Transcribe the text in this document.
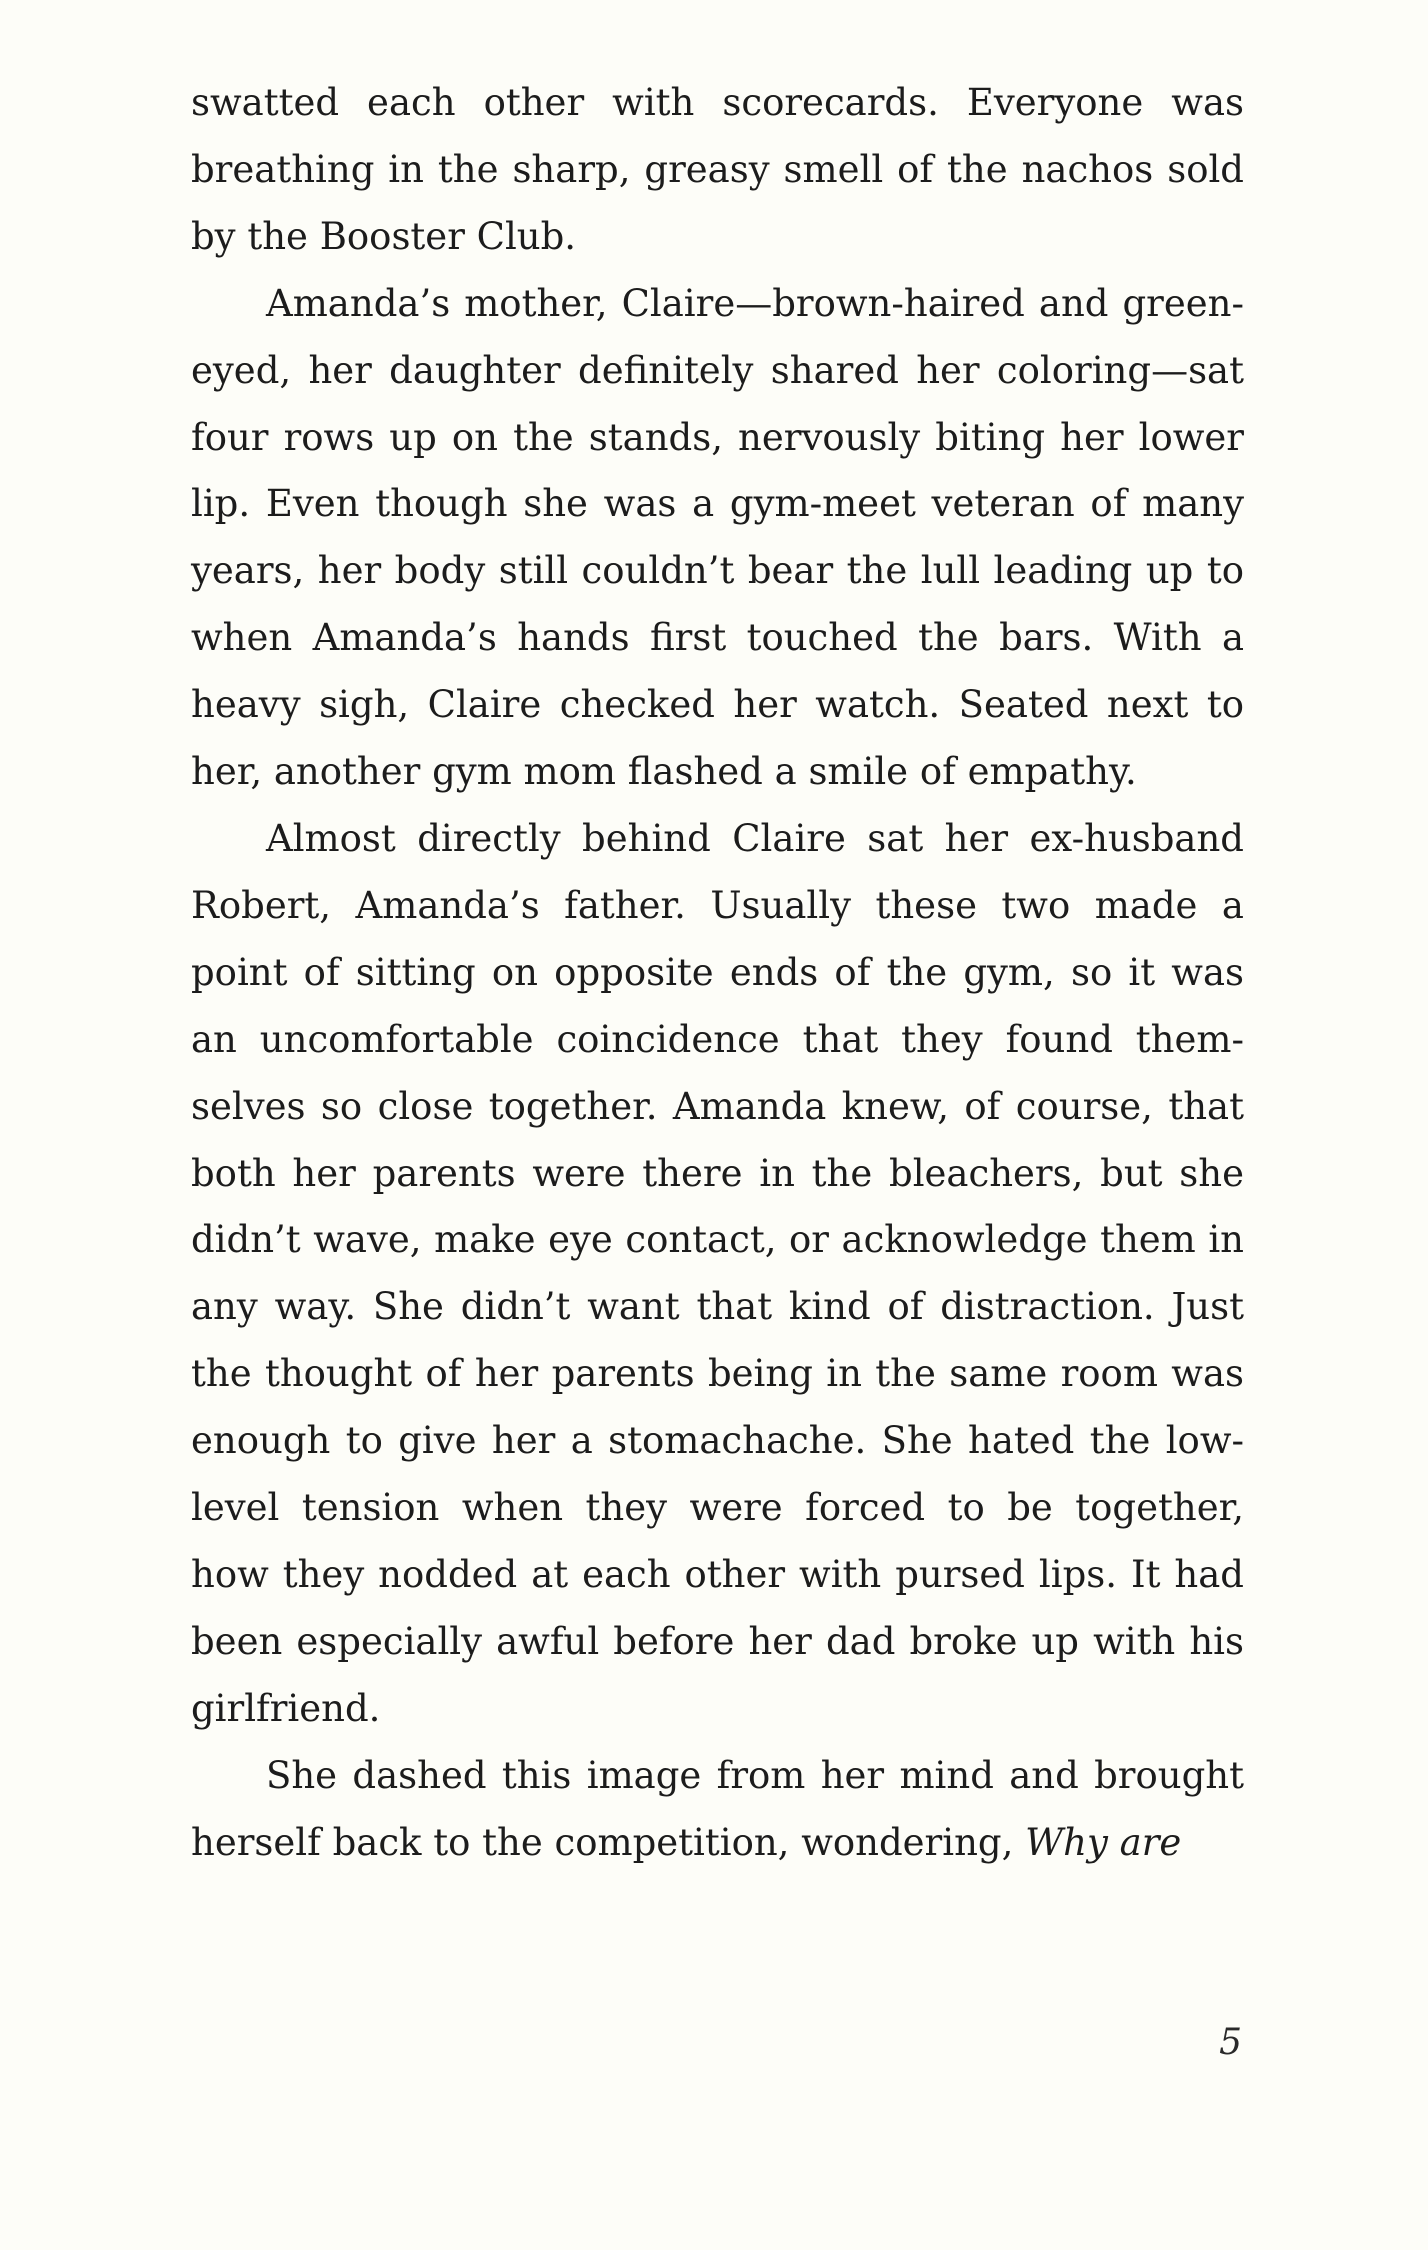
swatted each other with scorecards. Everyone was breathing in the sharp, greasy smell of the nachos sold by the Booster Club.

Amanda’s mother, Claire—brown-haired and green-eyed, her daughter definitely shared her coloring—sat four rows up on the stands, nervously biting her lower lip. Even though she was a gym-meet veteran of many years, her body still couldn’t bear the lull leading up to when Amanda’s hands first touched the bars. With a heavy sigh, Claire checked her watch. Seated next to her, another gym mom flashed a smile of empathy.

Almost directly behind Claire sat her ex-husband Robert, Amanda’s father. Usually these two made a point of sitting on opposite ends of the gym, so it was an uncomfortable coincidence that they found themselves so close together. Amanda knew, of course, that both her parents were there in the bleachers, but she didn’t wave, make eye contact, or acknowledge them in any way. She didn’t want that kind of distraction. Just the thought of her parents being in the same room was enough to give her a stomachache. She hated the low-level tension when they were forced to be together, how they nodded at each other with pursed lips. It had been especially awful before her dad broke up with his girlfriend.

She dashed this image from her mind and brought herself back to the competition, wondering, Why are

5
